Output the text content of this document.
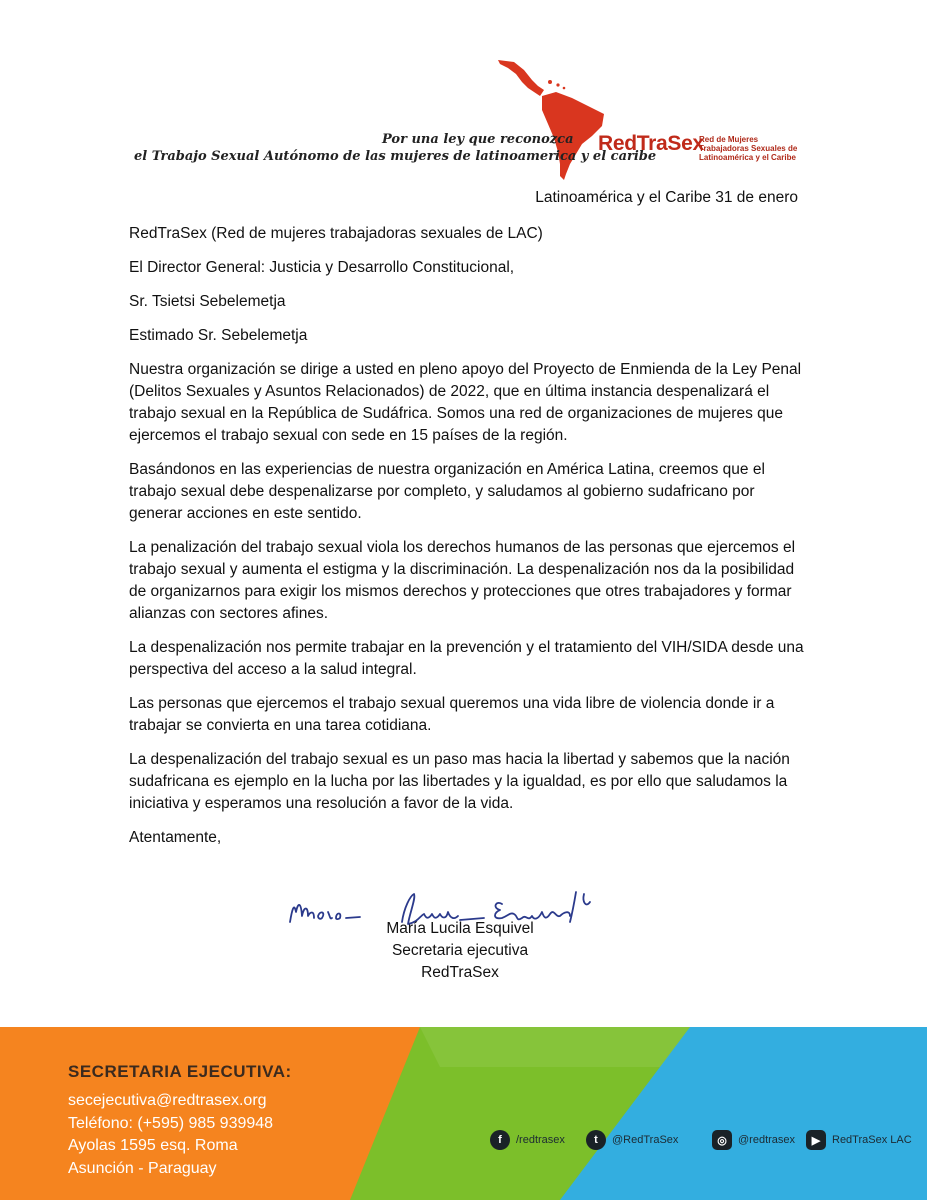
Por una ley que reconozca
el Trabajo Sexual Autónomo de las mujeres de latinoamerica y el caribe
RedTraSex
Red de Mujeres Trabajadoras Sexuales de Latinoamérica y el Caribe
Latinoamérica y el Caribe 31 de enero

RedTraSex (Red de mujeres trabajadoras sexuales de LAC)

El Director General: Justicia y Desarrollo Constitucional,

Sr. Tsietsi Sebelemetja

Estimado Sr. Sebelemetja

Nuestra organización se dirige a usted en pleno apoyo del Proyecto de Enmienda de la Ley Penal (Delitos Sexuales y Asuntos Relacionados) de 2022, que en última instancia despenalizará el trabajo sexual en la República de Sudáfrica. Somos una red de organizaciones de mujeres que ejercemos el trabajo sexual con sede en 15 países de la región.

Basándonos en las experiencias de nuestra organización en América Latina, creemos que el trabajo sexual debe despenalizarse por completo, y saludamos al gobierno sudafricano por generar acciones en este sentido.

La penalización del trabajo sexual viola los derechos humanos de las personas que ejercemos el trabajo sexual y aumenta el estigma y la discriminación. La despenalización nos da la posibilidad de organizarnos para exigir los mismos derechos y protecciones que otres trabajadores y formar alianzas con sectores afines.

La despenalización nos permite trabajar en la prevención y el tratamiento del VIH/SIDA desde una perspectiva del acceso a la salud integral.

Las personas que ejercemos el trabajo sexual queremos una vida libre de violencia donde ir a trabajar se convierta en una tarea cotidiana.

La despenalización del trabajo sexual es un paso mas hacia la libertad y sabemos que la nación sudafricana es ejemplo en la lucha por las libertades y la igualdad, es por ello que saludamos la iniciativa y esperamos una resolución a favor de la vida.

Atentamente,

María Lucila Esquivel
Secretaria ejecutiva
RedTraSex
SECRETARIA EJECUTIVA:
secejecutiva@redtrasex.org
Teléfono: (+595) 985 939948
Ayolas 1595 esq. Roma
Asunción - Paraguay
f	/redtrasex	t	@RedTraSex	◎	@redtrasex	▶	RedTraSex LAC
